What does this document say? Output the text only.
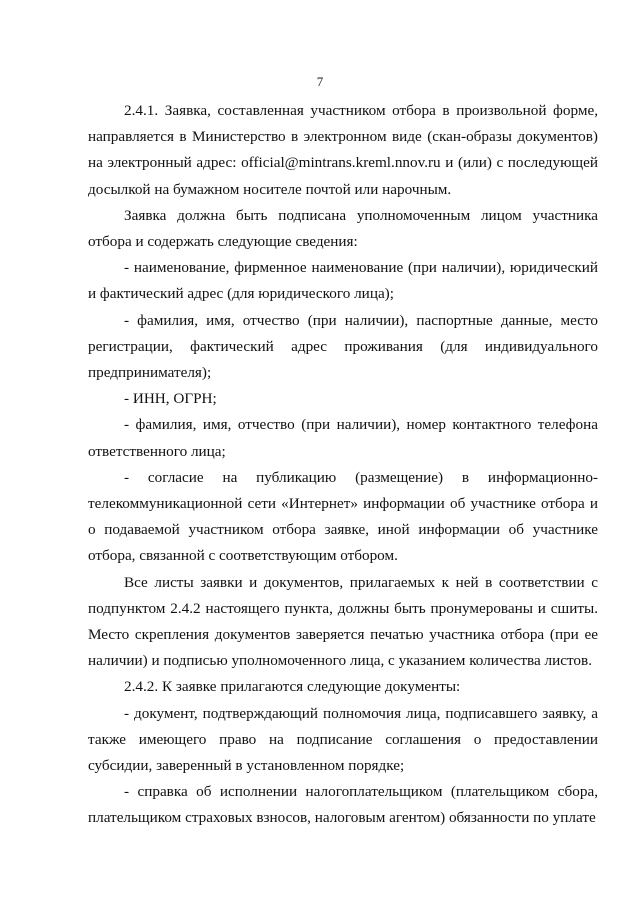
7

2.4.1. Заявка, составленная участником отбора в произвольной форме, направляется в Министерство в электронном виде (скан-образы документов) на электронный адрес: official@mintrans.kreml.nnov.ru и (или) с последующей досылкой на бумажном носителе почтой или нарочным.

Заявка должна быть подписана уполномоченным лицом участника отбора и содержать следующие сведения:

- наименование, фирменное наименование (при наличии), юридический и фактический адрес (для юридического лица);

- фамилия, имя, отчество (при наличии), паспортные данные, место регистрации, фактический адрес проживания (для индивидуального предпринимателя);

- ИНН, ОГРН;

- фамилия, имя, отчество (при наличии), номер контактного телефона ответственного лица;

- согласие на публикацию (размещение) в информационно-телекоммуникационной сети «Интернет» информации об участнике отбора и о подаваемой участником отбора заявке, иной информации об участнике отбора, связанной с соответствующим отбором.

Все листы заявки и документов, прилагаемых к ней в соответствии с подпунктом 2.4.2 настоящего пункта, должны быть пронумерованы и сшиты. Место скрепления документов заверяется печатью участника отбора (при ее наличии) и подписью уполномоченного лица, с указанием количества листов.

2.4.2. К заявке прилагаются следующие документы:

- документ, подтверждающий полномочия лица, подписавшего заявку, а также имеющего право на подписание соглашения о предоставлении субсидии, заверенный в установленном порядке;

- справка об исполнении налогоплательщиком (плательщиком сбора, плательщиком страховых взносов, налоговым агентом) обязанности по уплате
